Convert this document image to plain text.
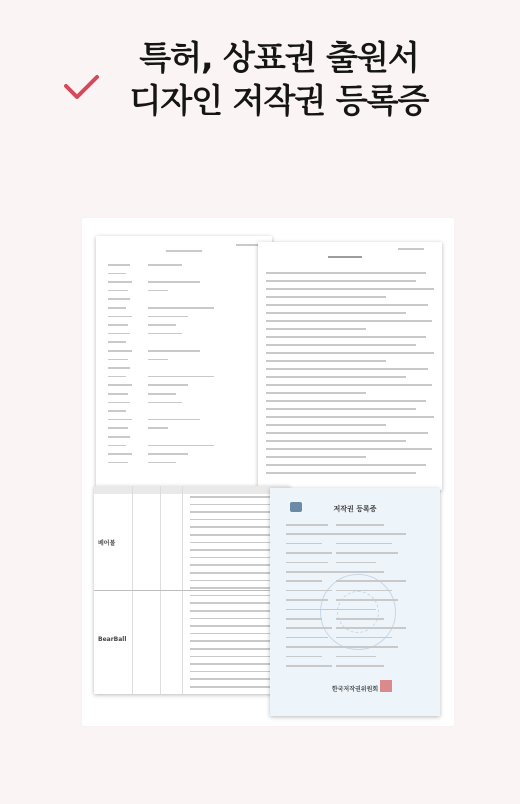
특허, 상표권 출원서
디자인 저작권 등록증
베어볼
BearBall
저작권 등록증
한국저작권위원회
